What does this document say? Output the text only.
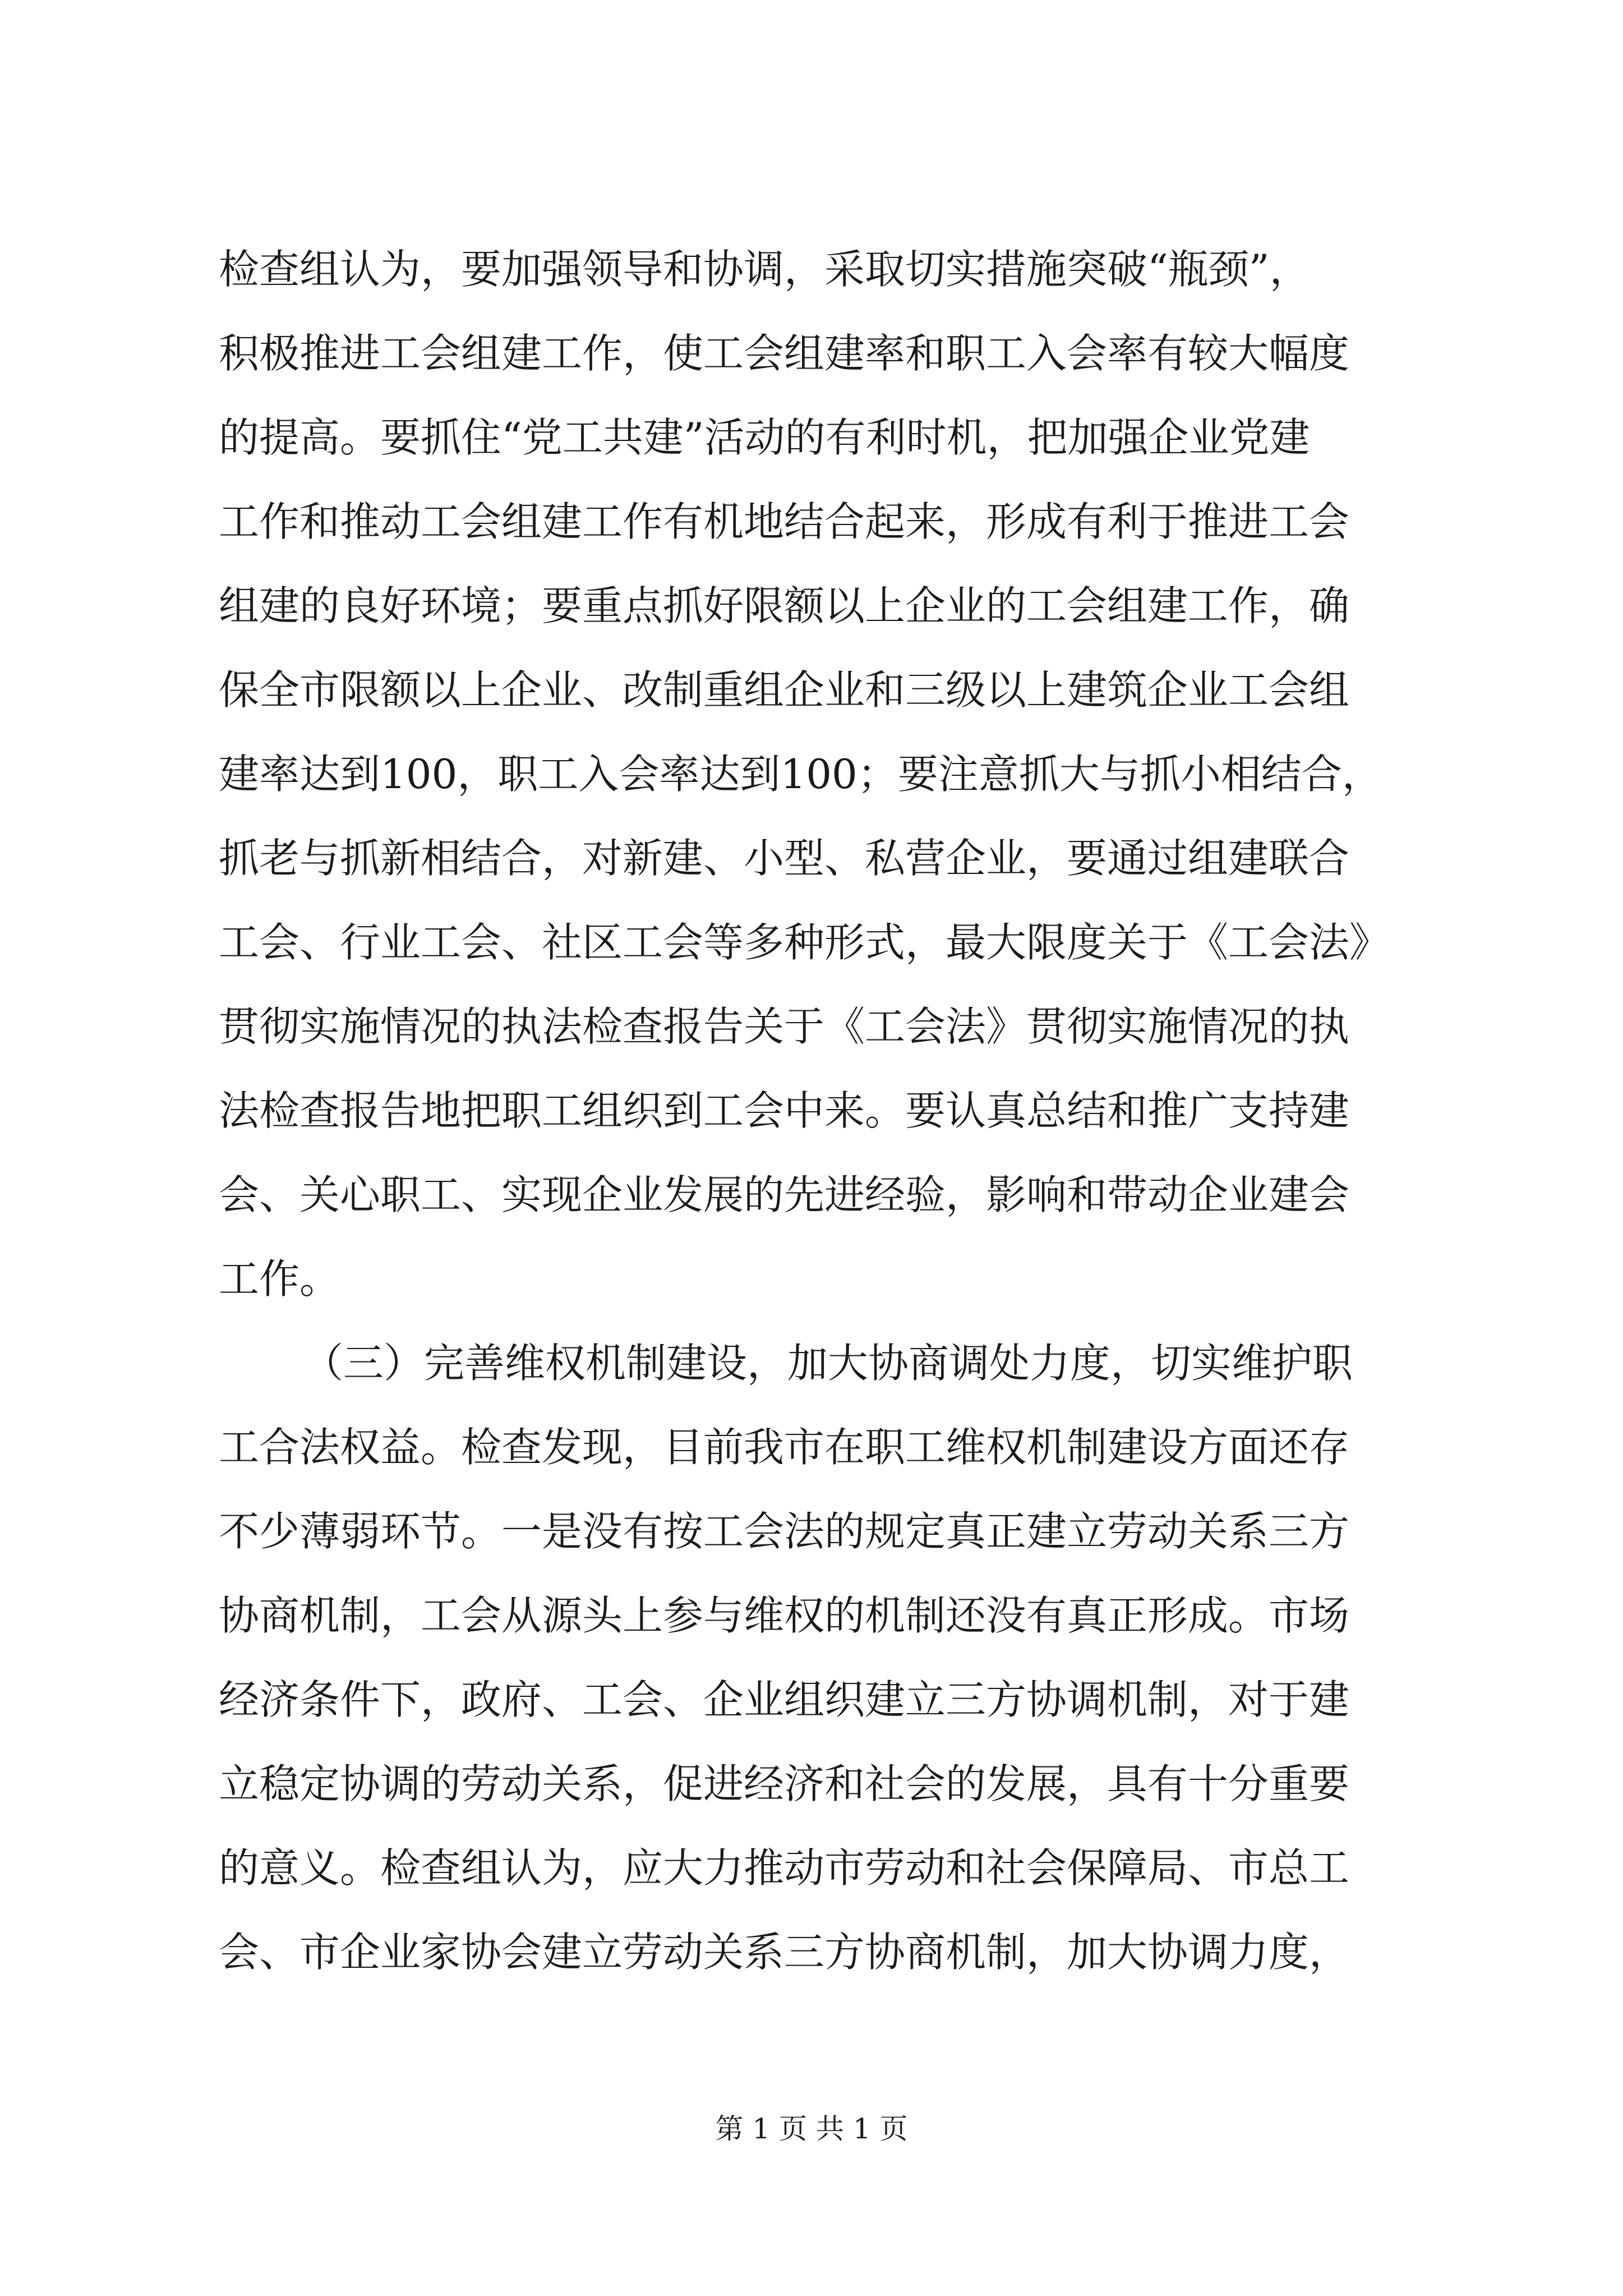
检查组认为，要加强领导和协调，采取切实措施突破“瓶颈”，
积极推进工会组建工作，使工会组建率和职工入会率有较大幅度
的提高。要抓住“党工共建”活动的有利时机，把加强企业党建
工作和推动工会组建工作有机地结合起来，形成有利于推进工会
组建的良好环境；要重点抓好限额以上企业的工会组建工作，确
保全市限额以上企业、改制重组企业和三级以上建筑企业工会组
建率达到100，职工入会率达到100；要注意抓大与抓小相结合，
抓老与抓新相结合，对新建、小型、私营企业，要通过组建联合
工会、行业工会、社区工会等多种形式，最大限度关于《工会法》
贯彻实施情况的执法检查报告关于《工会法》贯彻实施情况的执
法检查报告地把职工组织到工会中来。要认真总结和推广支持建
会、关心职工、实现企业发展的先进经验，影响和带动企业建会
工作。
（三）完善维权机制建设，加大协商调处力度，切实维护职
工合法权益。检查发现，目前我市在职工维权机制建设方面还存
不少薄弱环节。一是没有按工会法的规定真正建立劳动关系三方
协商机制，工会从源头上参与维权的机制还没有真正形成。市场
经济条件下，政府、工会、企业组织建立三方协调机制，对于建
立稳定协调的劳动关系，促进经济和社会的发展，具有十分重要
的意义。检查组认为，应大力推动市劳动和社会保障局、市总工
会、市企业家协会建立劳动关系三方协商机制，加大协调力度，
第 1 页 共 1 页
